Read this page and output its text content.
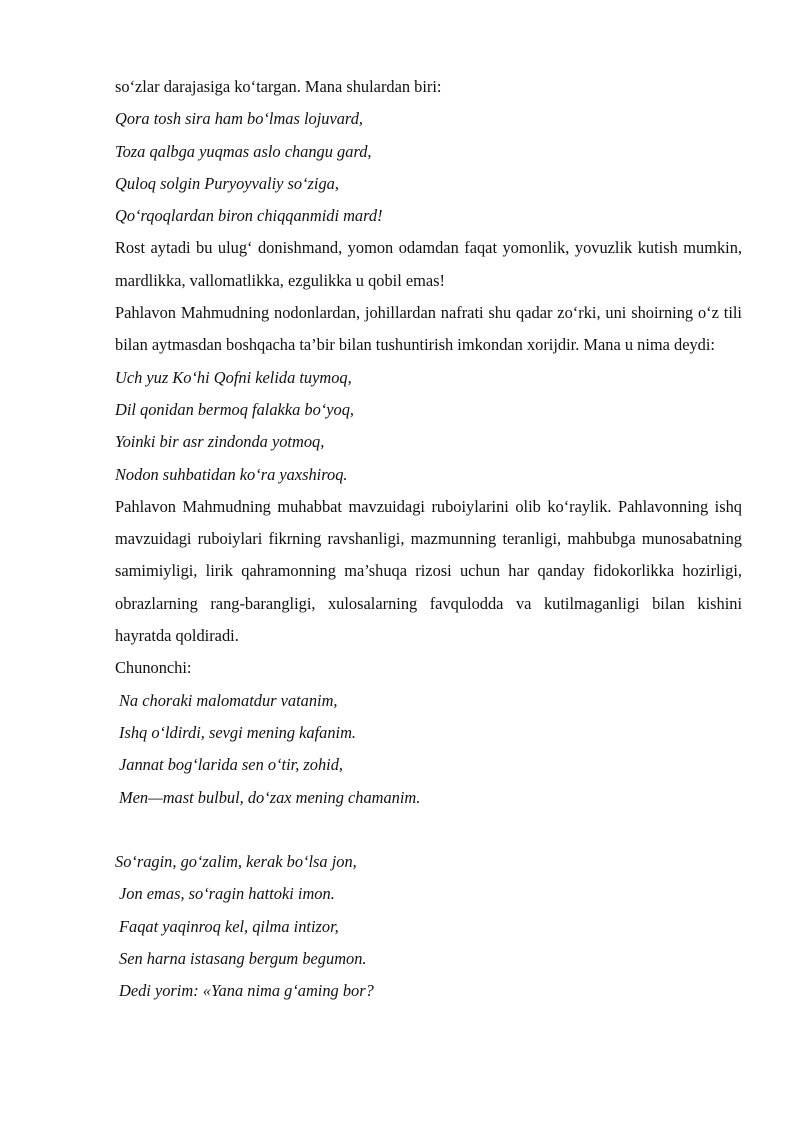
so‘zlar darajasiga ko‘targan. Mana shulardan biri:

Qora tosh sira ham bo‘lmas lojuvard,

Toza qalbga yuqmas aslo changu gard,

Quloq solgin Puryoyvaliy so‘ziga,

Qo‘rqoqlardan biron chiqqanmidi mard!

Rost aytadi bu ulug‘ donishmand, yomon odamdan faqat yomonlik, yovuzlik kutish mumkin, mardlikka, vallomatlikka, ezgulikka u qobil emas!

Pahlavon Mahmudning nodonlardan, johillardan nafrati shu qadar zo‘rki, uni shoirning o‘z tili bilan aytmasdan boshqacha ta’bir bilan tushuntirish imkondan xorijdir. Mana u nima deydi:

Uch yuz Ko‘hi Qofni kelida tuymoq,

Dil qonidan bermoq falakka bo‘yoq,

Yoinki bir asr zindonda yotmoq,

Nodon suhbatidan ko‘ra yaxshiroq.

Pahlavon Mahmudning muhabbat mavzuidagi ruboiylarini olib ko‘raylik. Pahlavonning ishq mavzuidagi ruboiylari fikrning ravshanligi, mazmunning teranligi, mahbubga munosabatning samimiyligi, lirik qahramonning ma’shuqa rizosi uchun har qanday fidokorlikka hozirligi, obrazlarning rang-barangligi, xulosalarning favqulodda va kutilmaganligi bilan kishini hayratda qoldiradi.

Chunonchi:

Na choraki malomatdur vatanim,

Ishq o‘ldirdi, sevgi mening kafanim.

Jannat bog‘larida sen o‘tir, zohid,

Men—mast bulbul, do‘zax mening chamanim.

So‘ragin, go‘zalim, kerak bo‘lsa jon,

Jon emas, so‘ragin hattoki imon.

Faqat yaqinroq kel, qilma intizor,

Sen harna istasang bergum begumon.

Dedi yorim: «Yana nima g‘aming bor?
